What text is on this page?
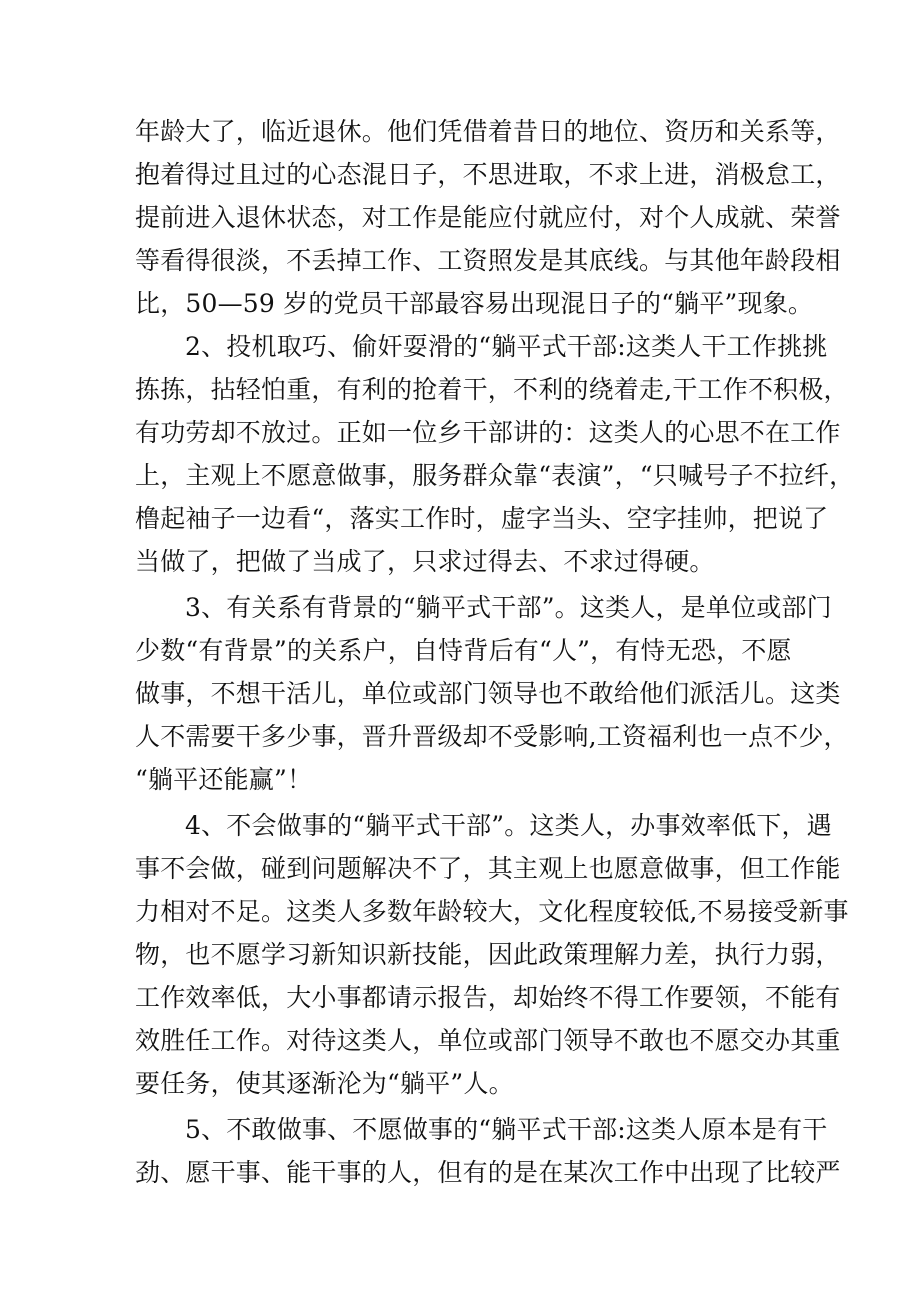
年龄大了，临近退休。他们凭借着昔日的地位、资历和关系等，
抱着得过且过的心态混日子，不思进取，不求上进，消极怠工，
提前进入退休状态，对工作是能应付就应付，对个人成就、荣誉
等看得很淡，不丢掉工作、工资照发是其底线。与其他年龄段相
比，50—59 岁的党员干部最容易出现混日子的“躺平”现象。
2、投机取巧、偷奸耍滑的“躺平式干部:这类人干工作挑挑
拣拣，拈轻怕重，有利的抢着干，不利的绕着走,干工作不积极，
有功劳却不放过。正如一位乡干部讲的：这类人的心思不在工作
上，主观上不愿意做事，服务群众靠“表演”，“只喊号子不拉纤，
橹起袖子一边看“，落实工作时，虚字当头、空字挂帅，把说了
当做了，把做了当成了，只求过得去、不求过得硬。
3、有关系有背景的“躺平式干部”。这类人，是单位或部门
少数“有背景”的关系户，自恃背后有“人”，有恃无恐，不愿
做事，不想干活儿，单位或部门领导也不敢给他们派活儿。这类
人不需要干多少事，晋升晋级却不受影响,工资福利也一点不少，
“躺平还能赢”！
4、不会做事的“躺平式干部”。这类人，办事效率低下，遇
事不会做，碰到问题解决不了，其主观上也愿意做事，但工作能
力相对不足。这类人多数年龄较大，文化程度较低,不易接受新事
物，也不愿学习新知识新技能，因此政策理解力差，执行力弱，
工作效率低，大小事都请示报告，却始终不得工作要领，不能有
效胜任工作。对待这类人，单位或部门领导不敢也不愿交办其重
要任务，使其逐渐沦为“躺平”人。
5、不敢做事、不愿做事的“躺平式干部:这类人原本是有干
劲、愿干事、能干事的人，但有的是在某次工作中出现了比较严
